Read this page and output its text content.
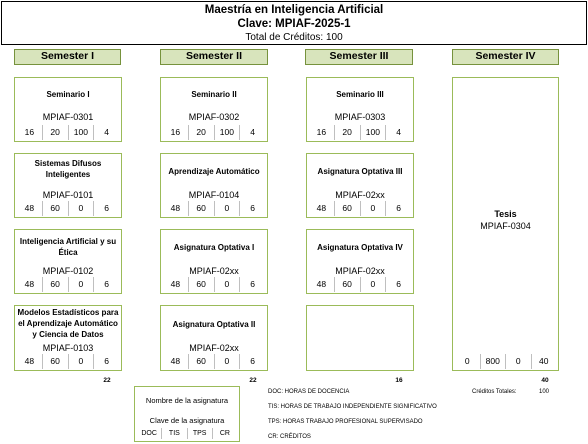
Maestría en Inteligencia Artificial
Clave: MPIAF-2025-1
Total de Créditos: 100
Semester I	Semester II	Semester III	Semester IV
Seminario I
MPIAF-0301
16	20	100	4
Sistemas Difusos Inteligentes
MPIAF-0101
48	60	0	6
Inteligencia Artificial y su Ética
MPIAF-0102
48	60	0	6
Modelos Estadísticos para el Aprendizaje Automático y Ciencia de Datos
MPIAF-0103
48	60	0	6
Seminario II
MPIAF-0302
16	20	100	4
Aprendizaje Automático
MPIAF-0104
48	60	0	6
Asignatura Optativa I
MPIAF-02xx
48	60	0	6
Asignatura Optativa II
MPIAF-02xx
48	60	0	6
Seminario III
MPIAF-0303
16	20	100	4
Asignatura Optativa III
MPIAF-02xx
48	60	0	6
Asignatura Optativa IV
MPIAF-02xx
48	60	0	6
Tesis
MPIAF-0304
0	800	0	40
22	22	16	40
Nombre de la asignatura
Clave de la asignatura
DOC	TIS	TPS	CR
DOC: HORAS DE DOCENCIA
TIS: HORAS DE TRABAJO INDEPENDIENTE SIGNIFICATIVO
TPS: HORAS TRABAJO PROFESIONAL SUPERVISADO
CR: CRÉDITOS
Créditos Totales:	100
